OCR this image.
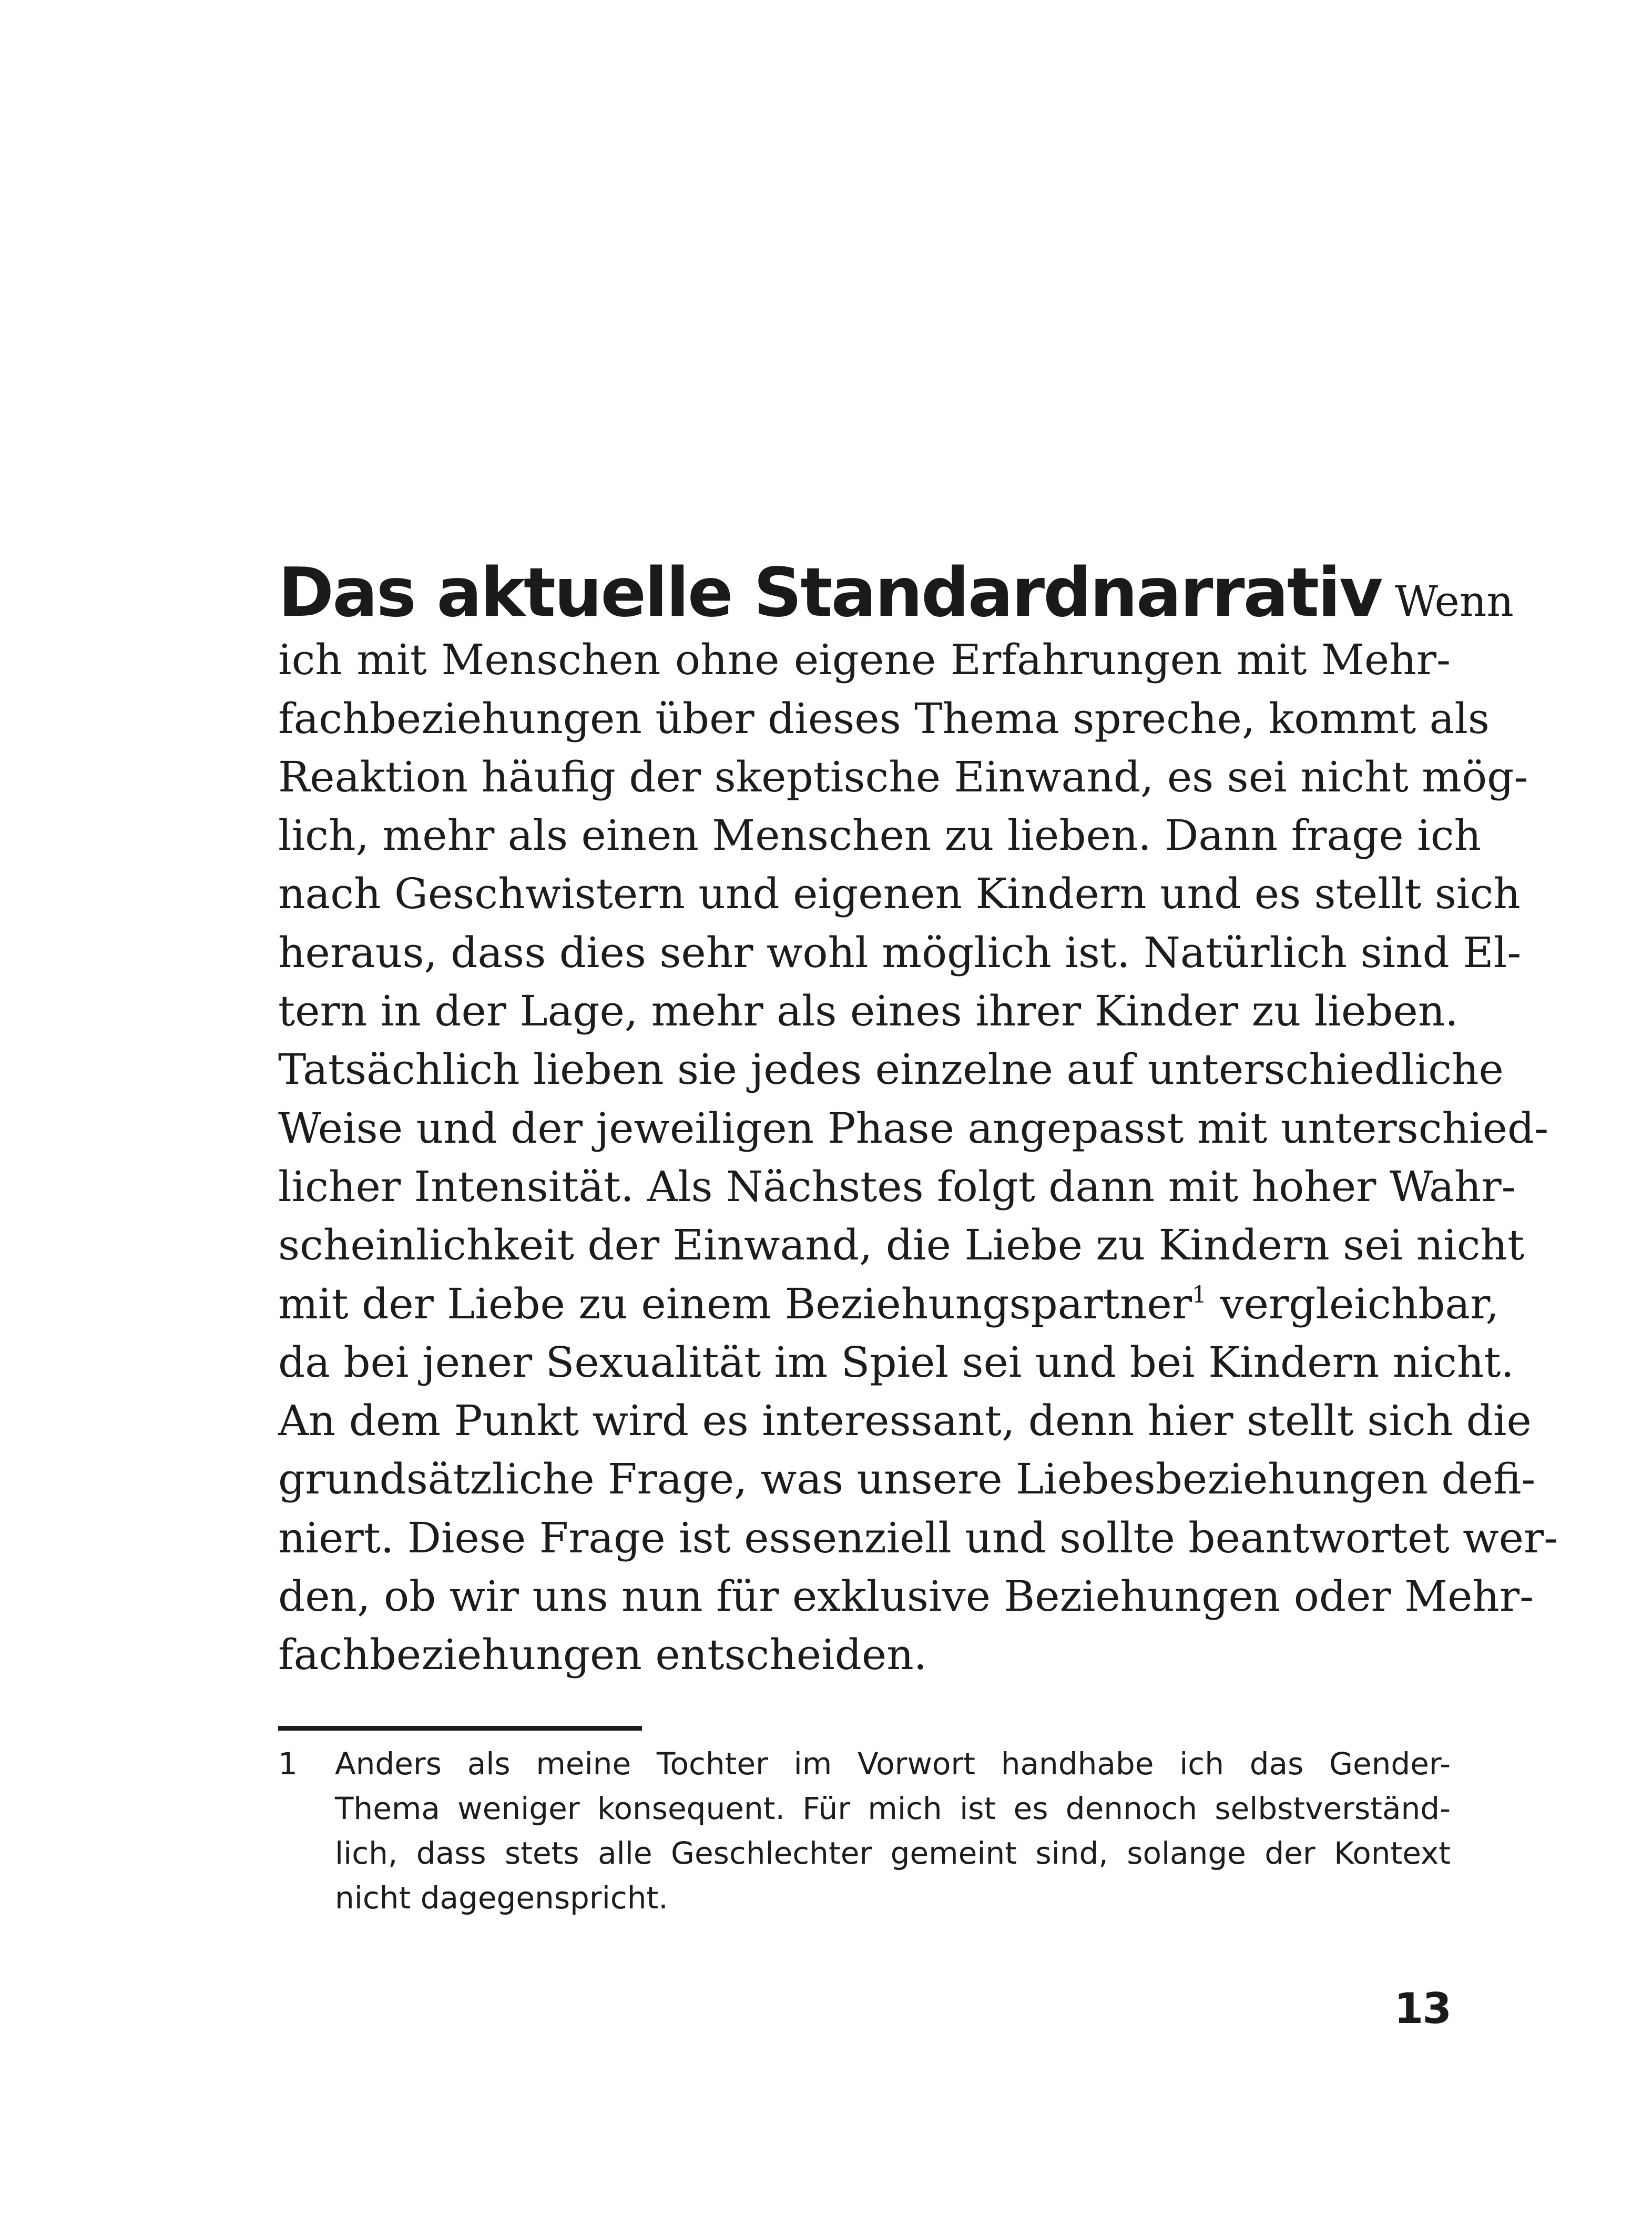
Das aktuelle Standardnarrativ Wenn
ich mit Menschen ohne eigene Erfahrungen mit Mehr-
fachbeziehungen über dieses Thema spreche, kommt als
Reaktion häufig der skeptische Einwand, es sei nicht mög-
lich, mehr als einen Menschen zu lieben. Dann frage ich
nach Geschwistern und eigenen Kindern und es stellt sich
heraus, dass dies sehr wohl möglich ist. Natürlich sind El-
tern in der Lage, mehr als eines ihrer Kinder zu lieben.
Tatsächlich lieben sie jedes einzelne auf unterschiedliche
Weise und der jeweiligen Phase angepasst mit unterschied-
licher Intensität. Als Nächstes folgt dann mit hoher Wahr-
scheinlichkeit der Einwand, die Liebe zu Kindern sei nicht
mit der Liebe zu einem Beziehungspartner$^1$ vergleichbar,
da bei jener Sexualität im Spiel sei und bei Kindern nicht.
An dem Punkt wird es interessant, denn hier stellt sich die
grundsätzliche Frage, was unsere Liebesbeziehungen defi-
niert. Diese Frage ist essenziell und sollte beantwortet wer-
den, ob wir uns nun für exklusive Beziehungen oder Mehr-
fachbeziehungen entscheiden.

1 Anders als meine Tochter im Vorwort handhabe ich das Gender-
Thema weniger konsequent. Für mich ist es dennoch selbstverständ-
lich, dass stets alle Geschlechter gemeint sind, solange der Kontext
nicht dagegenspricht.
13
